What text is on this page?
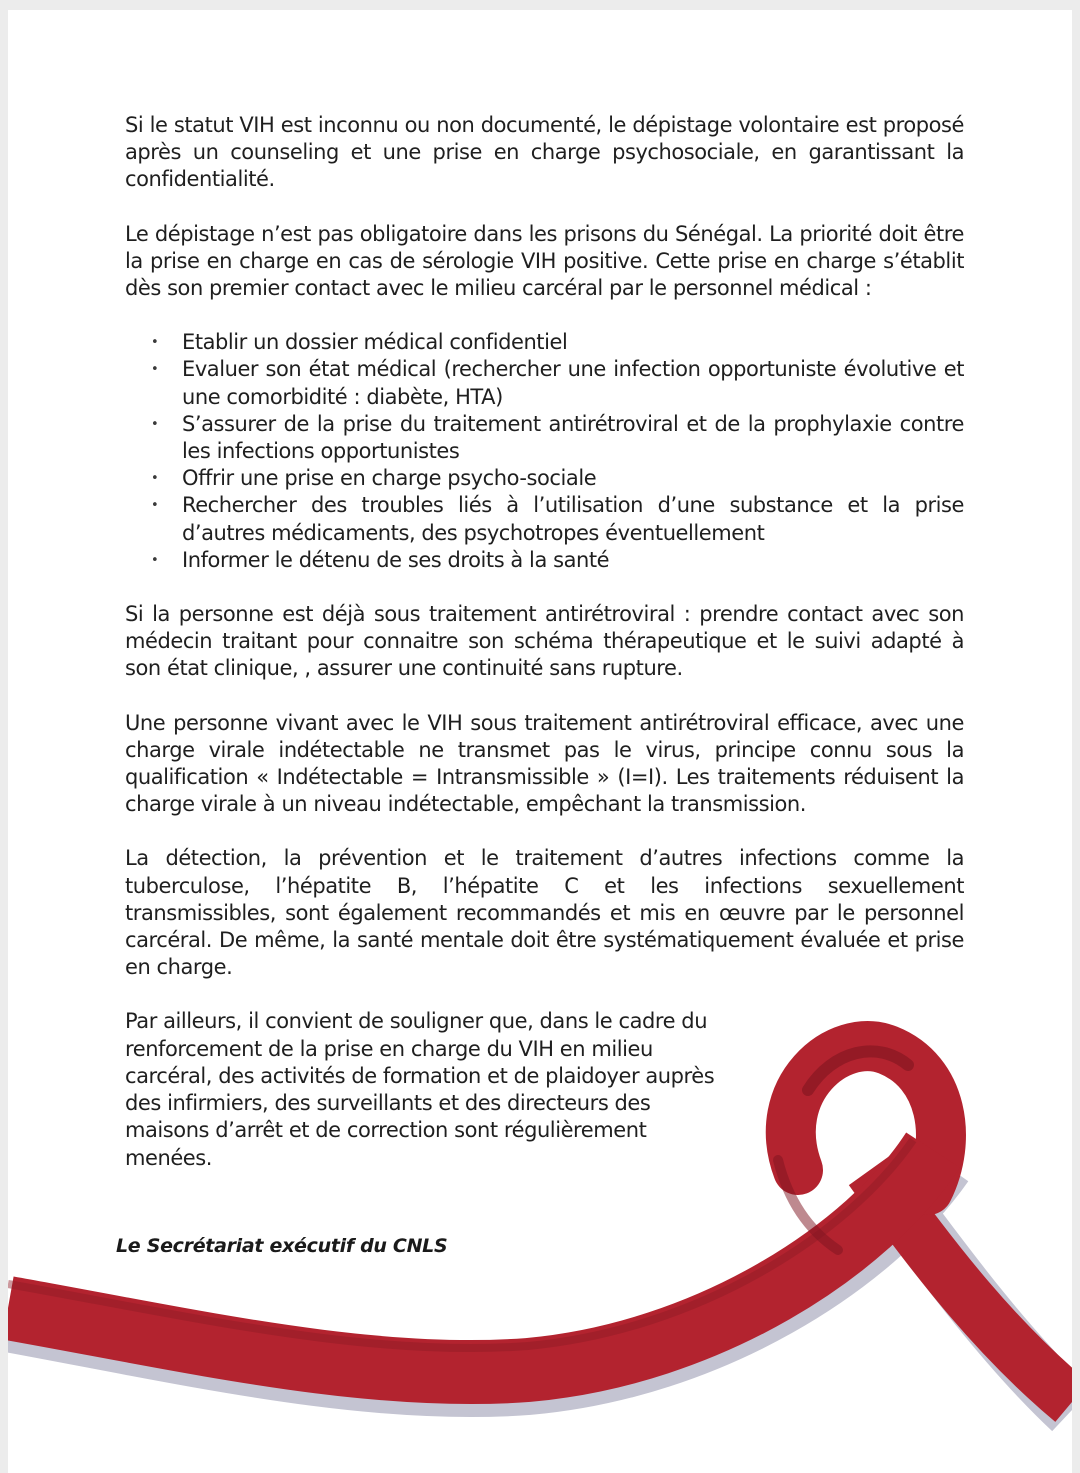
Si le statut VIH est inconnu ou non documenté, le dépistage volontaire est proposé après un counseling et une prise en charge psychosociale, en garantissant la confidentialité.

Le dépistage n’est pas obligatoire dans les prisons du Sénégal. La priorité doit être la prise en charge en cas de sérologie VIH positive. Cette prise en charge s’établit dès son premier contact avec le milieu carcéral par le personnel médical :

• Etablir un dossier médical confidentiel
• Evaluer son état médical (rechercher une infection opportuniste évolutive et une comorbidité : diabète, HTA)
• S’assurer de la prise du traitement antirétroviral et de la prophylaxie contre les infections opportunistes
• Offrir une prise en charge psycho-sociale
• Rechercher des troubles liés à l’utilisation d’une substance et la prise d’autres médicaments, des psychotropes éventuellement
• Informer le détenu de ses droits à la santé

Si la personne est déjà sous traitement antirétroviral : prendre contact avec son médecin traitant pour connaitre son schéma thérapeutique et le suivi adapté à son état clinique, , assurer une continuité sans rupture.

Une personne vivant avec le VIH sous traitement antirétroviral efficace, avec une charge virale indétectable ne transmet pas le virus, principe connu sous la qualification « Indétectable = Intransmissible » (I=I). Les traitements réduisent la charge virale à un niveau indétectable, empêchant la transmission.

La détection, la prévention et le traitement d’autres infections comme la tuberculose, l’hépatite B, l’hépatite C et les infections sexuellement transmissibles, sont également recommandés et mis en œuvre par le personnel carcéral. De même, la santé mentale doit être systématiquement évaluée et prise en charge.

Par ailleurs, il convient de souligner que, dans le cadre du renforcement de la prise en charge du VIH en milieu carcéral, des activités de formation et de plaidoyer auprès des infirmiers, des surveillants et des directeurs des maisons d’arrêt et de correction sont régulièrement menées.

Le Secrétariat exécutif du CNLS
